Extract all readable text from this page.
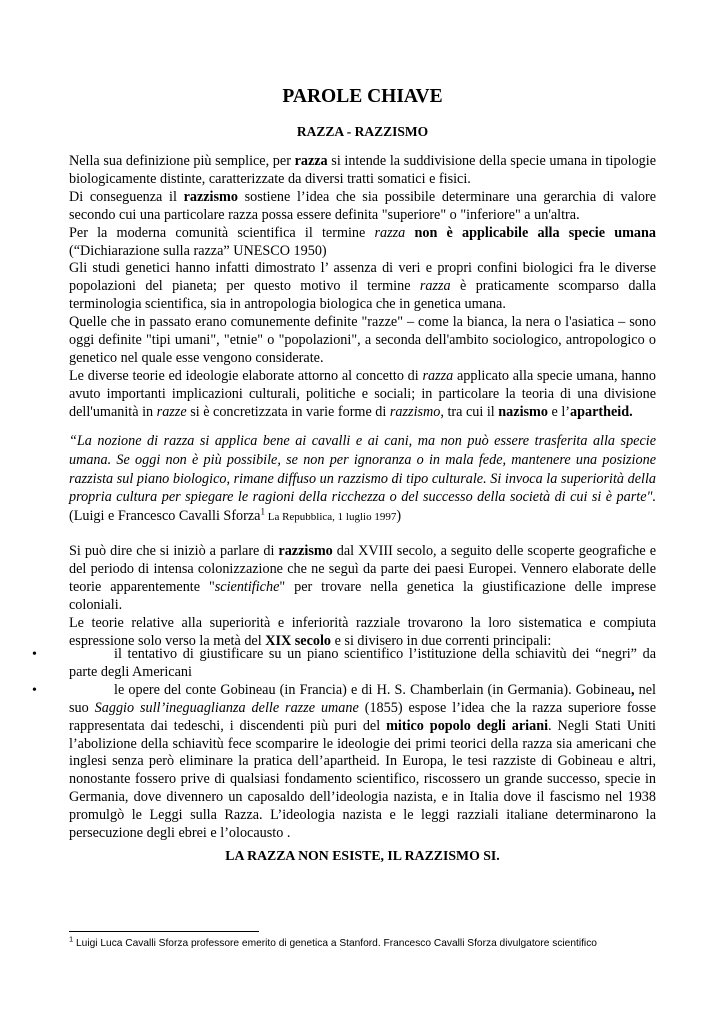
PAROLE CHIAVE
RAZZA - RAZZISMO

Nella sua definizione più semplice, per razza si intende la suddivisione della specie umana in tipologie biologicamente distinte, caratterizzate da diversi tratti somatici e fisici.

Di conseguenza il razzismo sostiene l’idea che sia possibile determinare una gerarchia di valore secondo cui una particolare razza possa essere definita "superiore" o "inferiore" a un'altra.

Per la moderna comunità scientifica il termine razza non è applicabile alla specie umana (“Dichiarazione sulla razza” UNESCO 1950)

Gli studi genetici hanno infatti dimostrato l’ assenza di veri e propri confini biologici fra le diverse popolazioni del pianeta; per questo motivo il termine razza è praticamente scomparso dalla terminologia scientifica, sia in antropologia biologica che in genetica umana.

Quelle che in passato erano comunemente definite "razze" – come la bianca, la nera o l'asiatica – sono oggi definite "tipi umani", "etnie" o "popolazioni", a seconda dell'ambito sociologico, antropologico o genetico nel quale esse vengono considerate.

Le diverse teorie ed ideologie elaborate attorno al concetto di razza applicato alla specie umana, hanno avuto importanti implicazioni culturali, politiche e sociali; in particolare la teoria di una divisione dell'umanità in razze si è concretizzata in varie forme di razzismo, tra cui il nazismo e l’apartheid.

“La nozione di razza si applica bene ai cavalli e ai cani, ma non può essere trasferita alla specie umana. Se oggi non è più possibile, se non per ignoranza o in mala fede, mantenere una posizione razzista sul piano biologico, rimane diffuso un razzismo di tipo culturale. Si invoca la superiorità della propria cultura per spiegare le ragioni della ricchezza o del successo della società di cui si è parte". (Luigi e Francesco Cavalli Sforza$^1$ La Repubblica, 1 luglio 1997)

Si può dire che si iniziò a parlare di razzismo dal XVIII secolo, a seguito delle scoperte geografiche e del periodo di intensa colonizzazione che ne seguì da parte dei paesi Europei. Vennero elaborate delle teorie apparentemente "scientifiche" per trovare nella genetica la giustificazione delle imprese coloniali.

Le teorie relative alla superiorità e inferiorità razziale trovarono la loro sistematica e compiuta espressione solo verso la metà del XIX secolo e si divisero in due correnti principali:

•	il tentativo di giustificare su un piano scientifico l’istituzione della schiavitù dei “negri” da parte degli Americani

•	le opere del conte Gobineau (in Francia) e di H. S. Chamberlain (in Germania). Gobineau, nel suo Saggio sull’ineguaglianza delle razze umane (1855) espose l’idea che la razza superiore fosse rappresentata dai tedeschi, i discendenti più puri del mitico popolo degli ariani. Negli Stati Uniti l’abolizione della schiavitù fece scomparire le ideologie dei primi teorici della razza sia americani che inglesi senza però eliminare la pratica dell’apartheid. In Europa, le tesi razziste di Gobineau e altri, nonostante fossero prive di qualsiasi fondamento scientifico, riscossero un grande successo, specie in Germania, dove divennero un caposaldo dell’ideologia nazista, e in Italia dove il fascismo nel 1938 promulgò le Leggi sulla Razza. L’ideologia nazista e le leggi razziali italiane determinarono la persecuzione degli ebrei e l’olocausto .

LA RAZZA NON ESISTE, IL RAZZISMO SI.
$^1$ Luigi Luca Cavalli Sforza professore emerito di genetica a Stanford. Francesco Cavalli Sforza divulgatore scientifico
